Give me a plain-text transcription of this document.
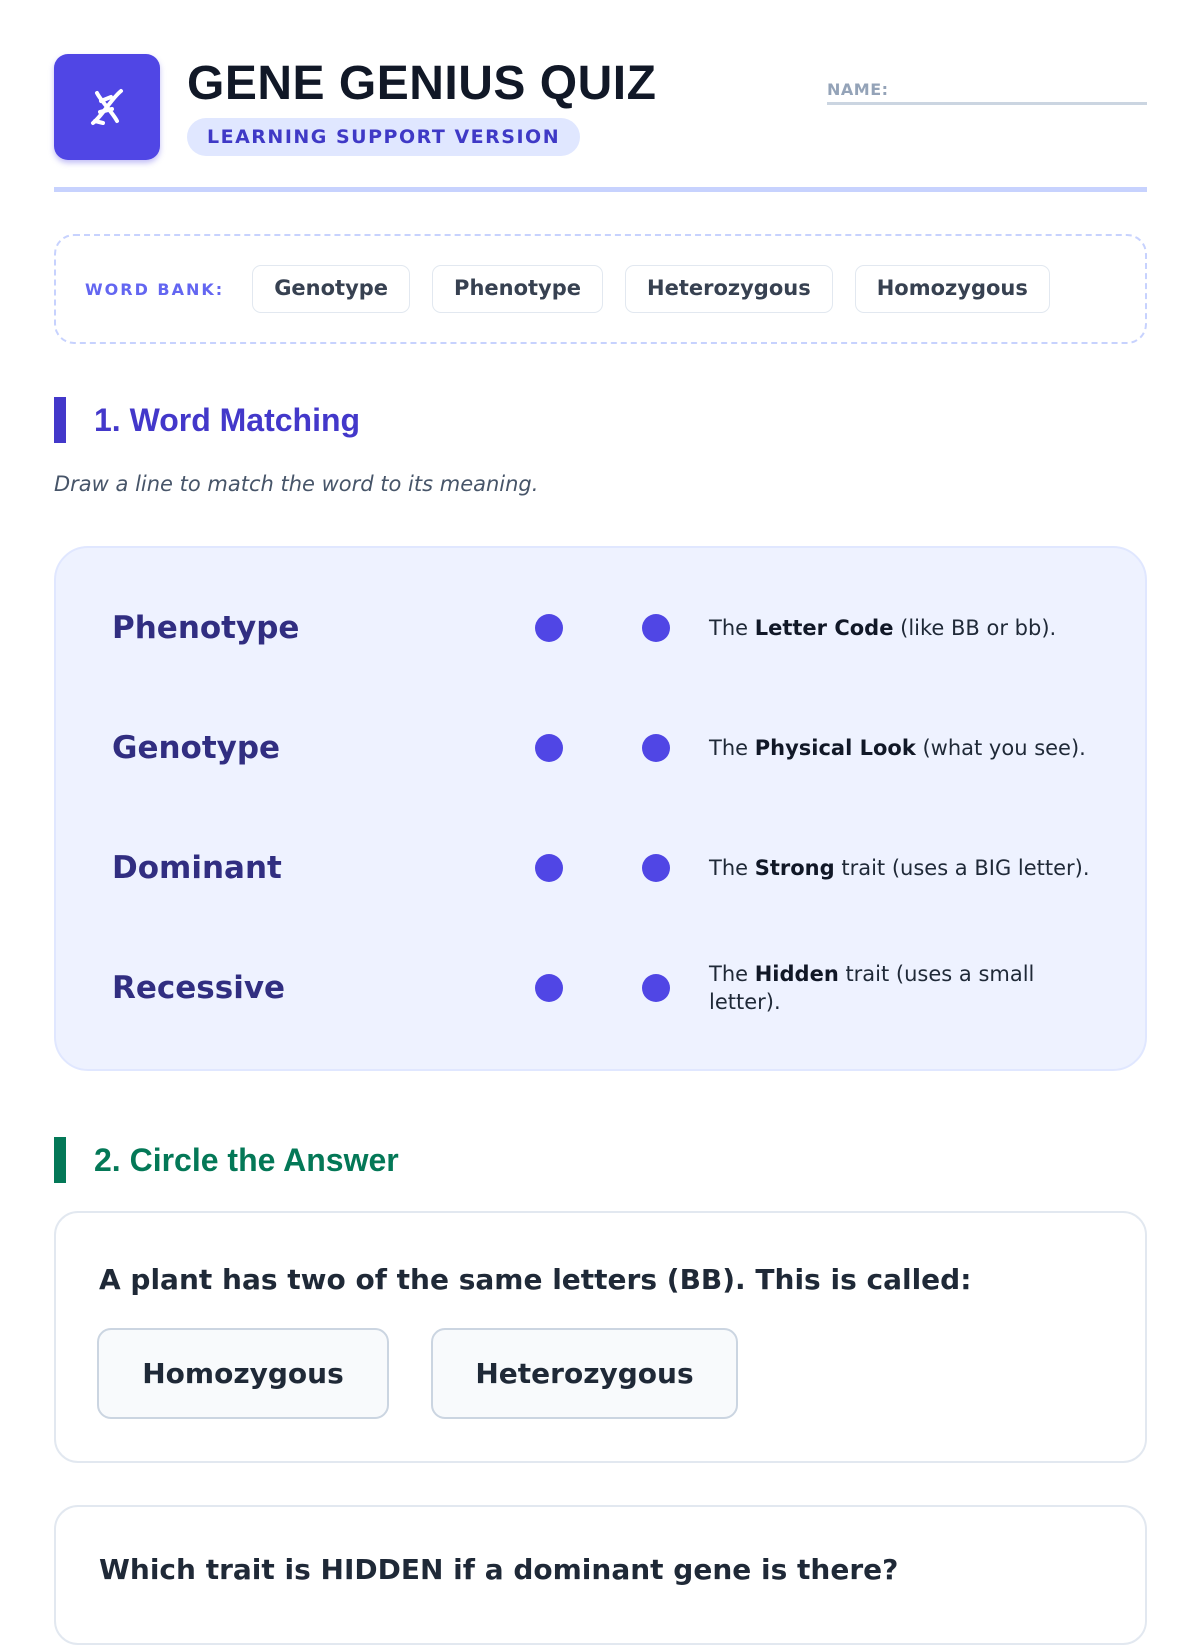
GENE GENIUS QUIZ
LEARNING SUPPORT VERSION
NAME:
WORD BANK:	Genotype	Phenotype	Heterozygous	Homozygous
1. Word Matching
Draw a line to match the word to its meaning.
Phenotype	The Letter Code (like BB or bb).
Genotype	The Physical Look (what you see).
Dominant	The Strong trait (uses a BIG letter).
Recessive	The Hidden trait (uses a small letter).
2. Circle the Answer
A plant has two of the same letters (BB). This is called:
Homozygous	Heterozygous
Which trait is HIDDEN if a dominant gene is there?
